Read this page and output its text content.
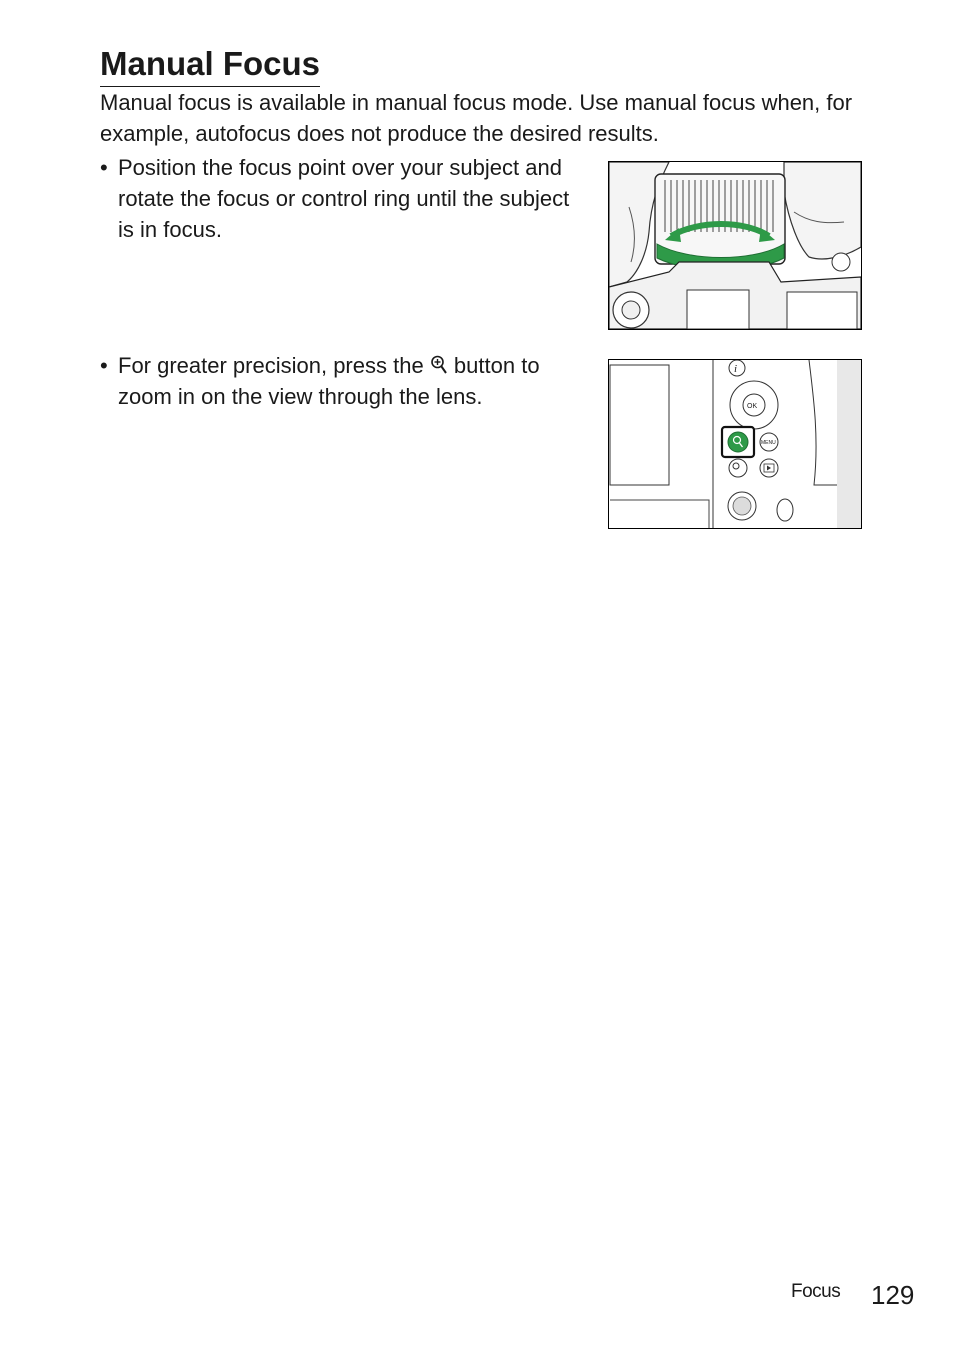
Manual Focus

Manual focus is available in manual focus mode. Use manual focus when, for example, autofocus does not produce the desired results.

• Position the focus point over your subject and rotate the focus or control ring until the subject is in focus.
• For greater precision, press the  button to zoom in on the view through the lens.
i
OK
MENU
Focus 129
